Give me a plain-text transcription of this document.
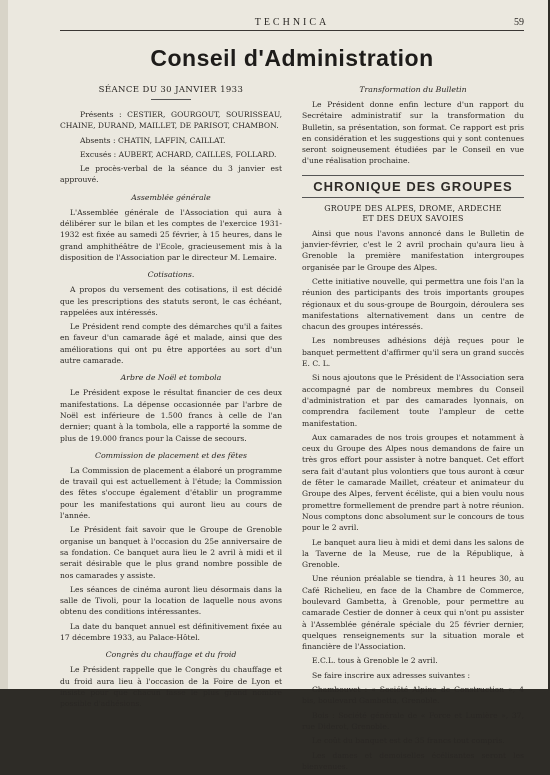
TECHNICA	59
Conseil d'Administration
SÉANCE DU 30 JANVIER 1933

Présents : CESTIER, GOURGOUT, SOURISSEAU, CHAINE, DURAND, MAILLET, DE PARISOT, CHAMBON.

Absents : CHATIN, LAFFIN, CAILLAT.

Excusés : AUBERT, ACHARD, CAILLES, FOLLARD.

Le procès-verbal de la séance du 3 janvier est approuvé.

Assemblée générale

L'Assemblée générale de l'Association qui aura à délibérer sur le bilan et les comptes de l'exercice 1931-1932 est fixée au samedi 25 février, à 15 heures, dans le grand amphithéâtre de l'Ecole, gracieusement mis à la disposition de l'Association par le directeur M. Lemaire.

Cotisations.

A propos du versement des cotisations, il est décidé que les prescriptions des statuts seront, le cas échéant, rappelées aux intéressés.

Le Président rend compte des démarches qu'il a faites en faveur d'un camarade âgé et malade, ainsi que des améliorations qui ont pu être apportées au sort d'un autre camarade.

Arbre de Noël et tombola

Le Président expose le résultat financier de ces deux manifestations. La dépense occasionnée par l'arbre de Noël est inférieure de 1.500 francs à celle de l'an dernier; quant à la tombola, elle a rapporté la somme de plus de 19.000 francs pour la Caisse de secours.

Commission de placement et des fêtes

La Commission de placement a élaboré un programme de travail qui est actuellement à l'étude; la Commission des fêtes s'occupe également d'établir un programme pour les manifestations qui auront lieu au cours de l'année.

Le Président fait savoir que le Groupe de Grenoble organise un banquet à l'occasion du 25e anniversaire de sa fondation. Ce banquet aura lieu le 2 avril à midi et il serait désirable que le plus grand nombre possible de nos camarades y assiste.

Les séances de cinéma auront lieu désormais dans la salle de Tivoli, pour la location de laquelle nous avons obtenu des conditions intéressantes.

La date du banquet annuel est définitivement fixée au 17 décembre 1933, au Palace-Hôtel.

Congrès du chauffage et du froid

Le Président rappelle que le Congrès du chauffage et du froid aura lieu à l'occasion de la Foire de Lyon et insiste pour que chacun fasse le plus grand nombre possible d'adhésions.

Transformation du Bulletin

Le Président donne enfin lecture d'un rapport du Secrétaire administratif sur la transformation du Bulletin, sa présentation, son format. Ce rapport est pris en considération et les suggestions qui y sont contenues seront soigneusement étudiées par le Conseil en vue d'une réalisation prochaine.

CHRONIQUE DES GROUPES
GROUPE DES ALPES, DROME, ARDECHE
ET DES DEUX SAVOIES

Ainsi que nous l'avons annoncé dans le Bulletin de janvier-février, c'est le 2 avril prochain qu'aura lieu à Grenoble la première manifestation intergroupes organisée par le Groupe des Alpes.

Cette initiative nouvelle, qui permettra une fois l'an la réunion des participants des trois importants groupes régionaux et du sous-groupe de Bourgoin, déroulera ses manifestations alternativement dans un centre de chacun des groupes intéressés.

Les nombreuses adhésions déjà reçues pour le banquet permettent d'affirmer qu'il sera un grand succès E. C. L.

Si nous ajoutons que le Président de l'Association sera accompagné par de nombreux membres du Conseil d'administration et par des camarades lyonnais, on comprendra facilement toute l'ampleur de cette manifestation.

Aux camarades de nos trois groupes et notamment à ceux du Groupe des Alpes nous demandons de faire un très gros effort pour assister à notre banquet. Cet effort sera fait d'autant plus volontiers que tous auront à cœur de fêter le camarade Maillet, créateur et animateur du Groupe des Alpes, fervent écéliste, qui a bien voulu nous promettre formellement de prendre part à notre réunion. Nous comptons donc absolument sur le concours de tous pour le 2 avril.

Le banquet aura lieu à midi et demi dans les salons de la Taverne de la Meuse, rue de la République, à Grenoble.

Une réunion préalable se tiendra, à 11 heures 30, au Café Richelieu, en face de la Chambre de Commerce, boulevard Gambetta, à Grenoble, pour permettre au camarade Cestier de donner à ceux qui n'ont pu assister à l'Assemblée générale spéciale du 25 février dernier, quelques renseignements sur la situation morale et financière de l'Association.

E.C.L. tous à Grenoble le 2 avril.

Se faire inscrire aux adresses suivantes :

Chambouvet : « Société Alpine de Construction », 4 bis, boulevard Gambetta, Grenoble.

Bois : Société générale de « Force et Lumière », 37, rue Diderot, Grenoble.

Le coût du banquet est de 35 francs tout compris.

Les dames et demoiselles écélisantes seront les bienvenues.
